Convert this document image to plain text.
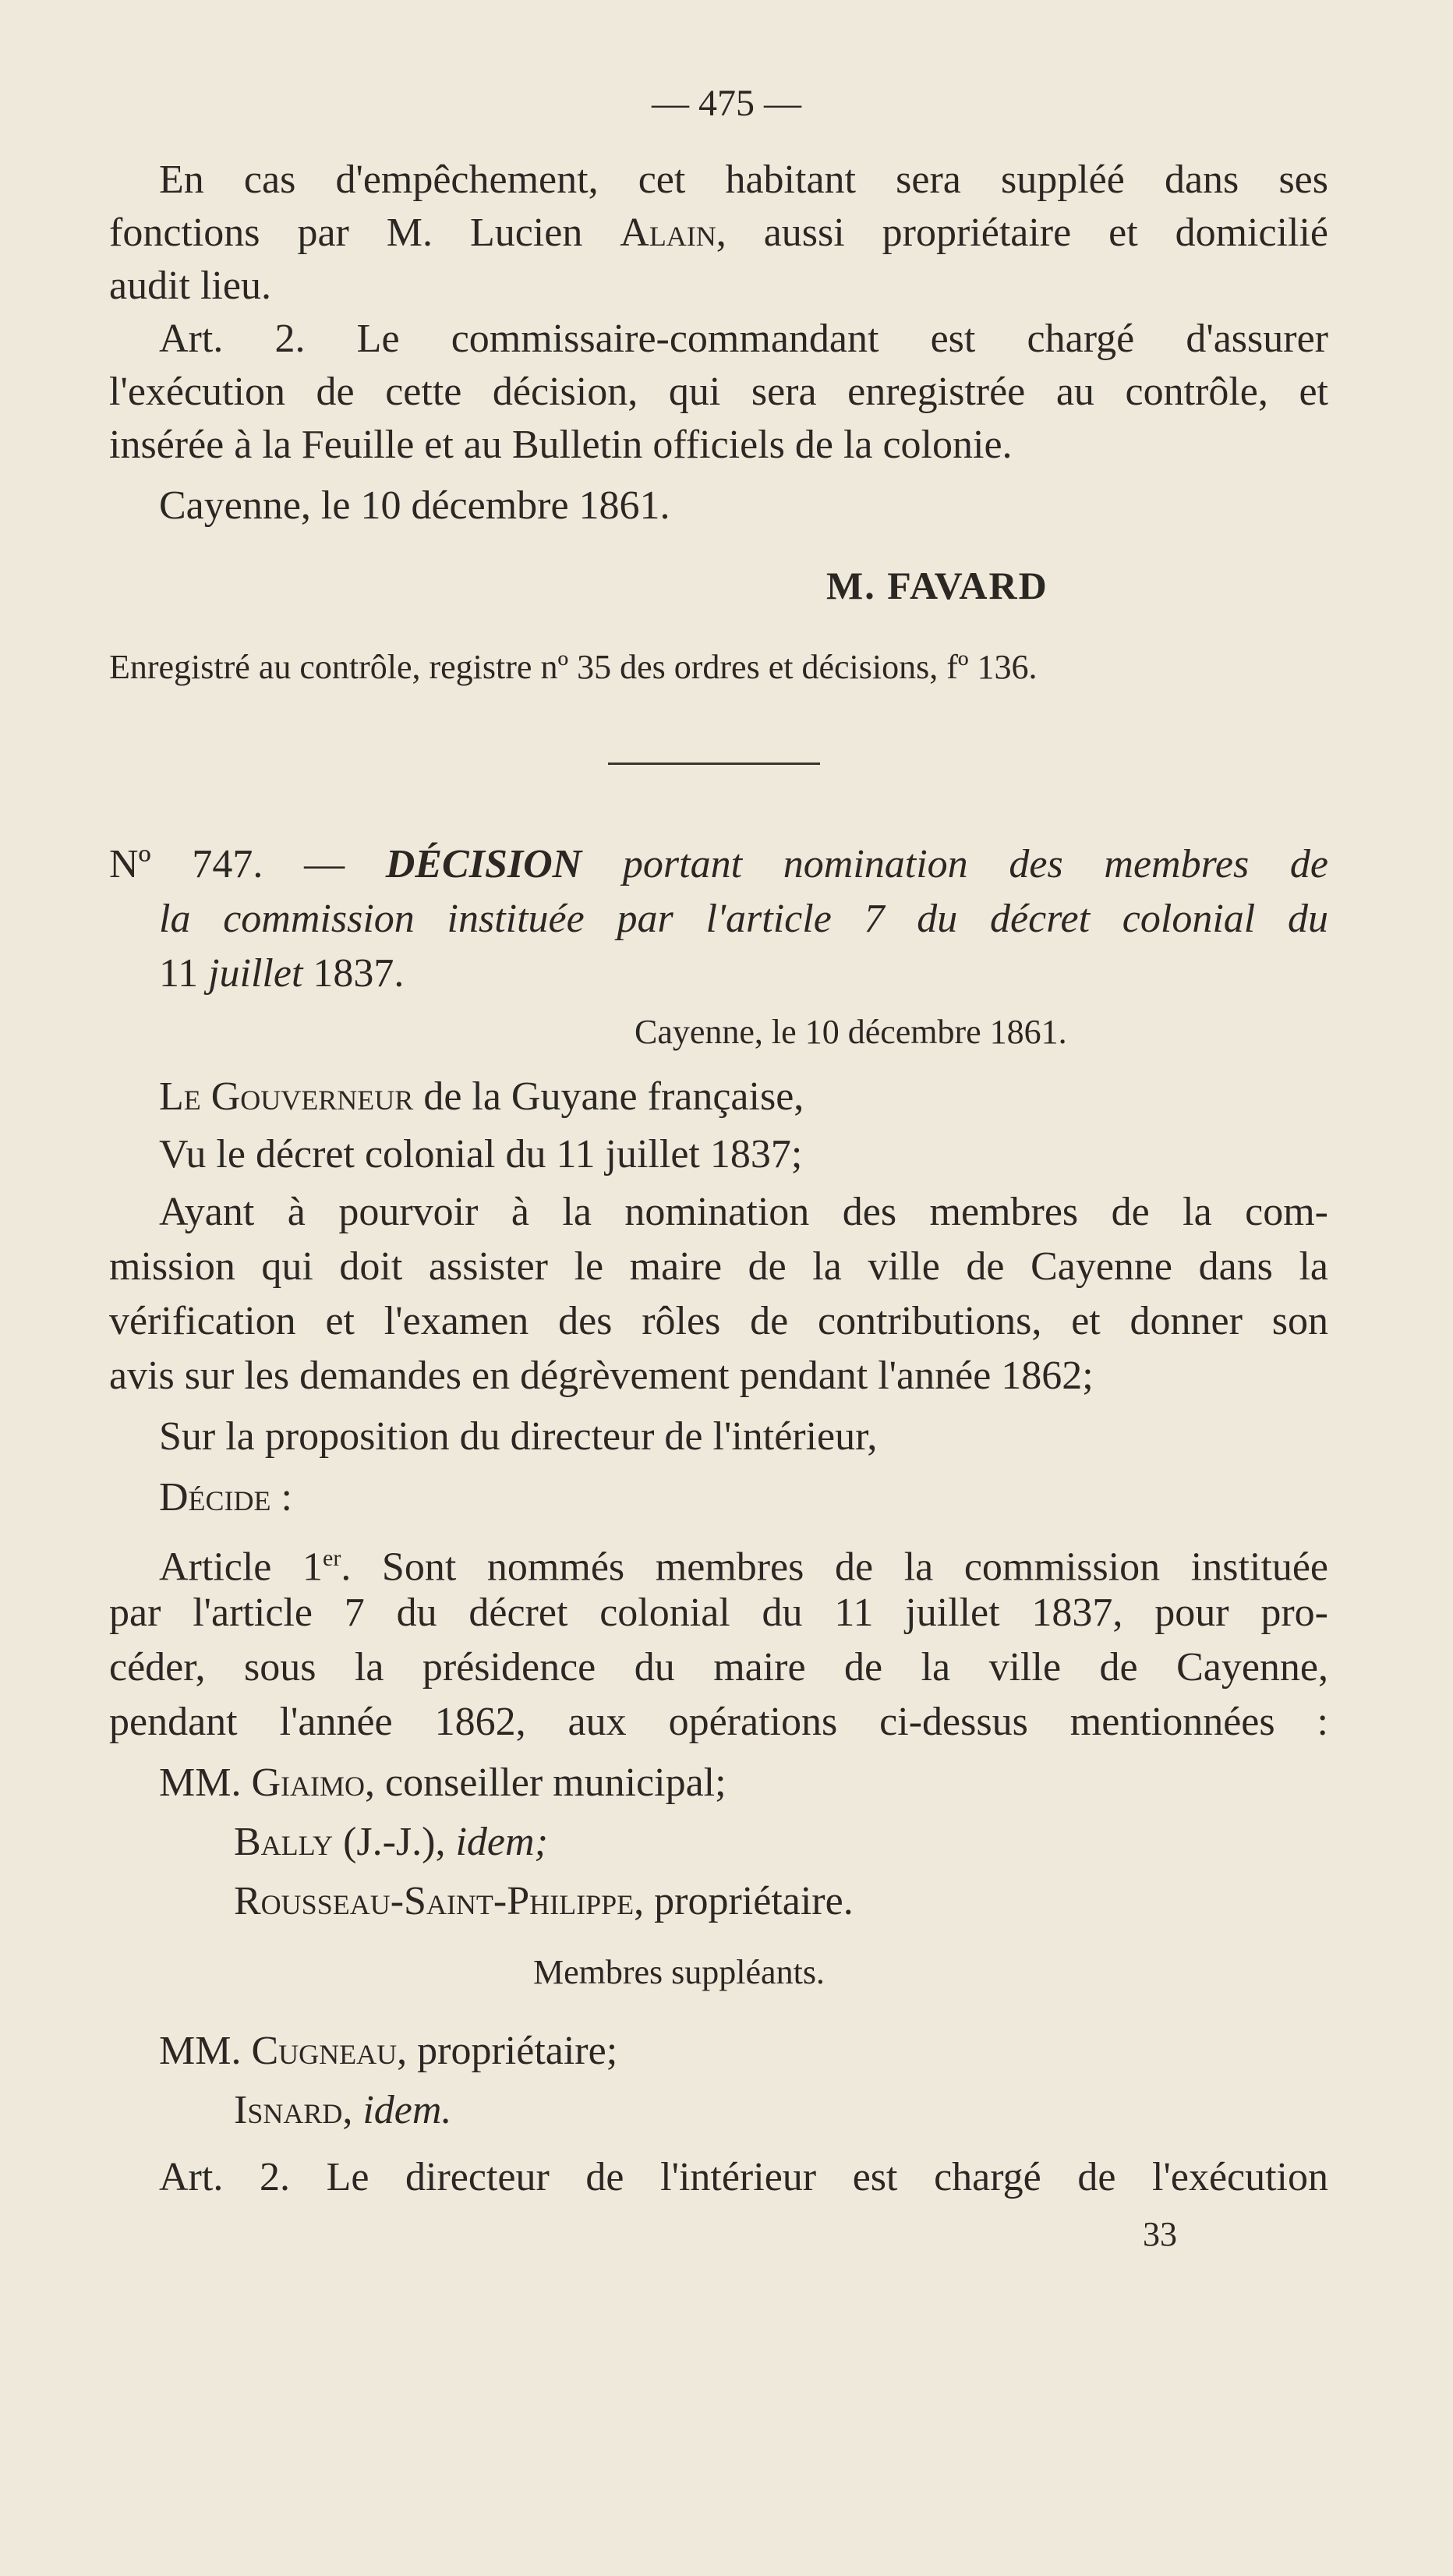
— 475 —
En cas d'empêchement, cet habitant sera suppléé dans ses
fonctions par M. Lucien Alain, aussi propriétaire et domicilié
audit lieu.
Art. 2. Le commissaire-commandant est chargé d'assurer
l'exécution de cette décision, qui sera enregistrée au contrôle, et
insérée à la Feuille et au Bulletin officiels de la colonie.
Cayenne, le 10 décembre 1861.
M. FAVARD
Enregistré au contrôle, registre nº 35 des ordres et décisions, fº 136.
Nº 747. — DÉCISION portant nomination des membres de
la commission instituée par l'article 7 du décret colonial du
11 juillet 1837.
Cayenne, le 10 décembre 1861.
Le Gouverneur de la Guyane française,
Vu le décret colonial du 11 juillet 1837;
Ayant à pourvoir à la nomination des membres de la com-
mission qui doit assister le maire de la ville de Cayenne dans la
vérification et l'examen des rôles de contributions, et donner son
avis sur les demandes en dégrèvement pendant l'année 1862;
Sur la proposition du directeur de l'intérieur,
Décide :
Article 1er. Sont nommés membres de la commission instituée
par l'article 7 du décret colonial du 11 juillet 1837, pour pro-
céder, sous la présidence du maire de la ville de Cayenne,
pendant l'année 1862, aux opérations ci-dessus mentionnées :
MM. Giaimo, conseiller municipal;
Bally (J.-J.), idem;
Rousseau-Saint-Philippe, propriétaire.
Membres suppléants.
MM. Cugneau, propriétaire;
Isnard, idem.
Art. 2. Le directeur de l'intérieur est chargé de l'exécution
33
